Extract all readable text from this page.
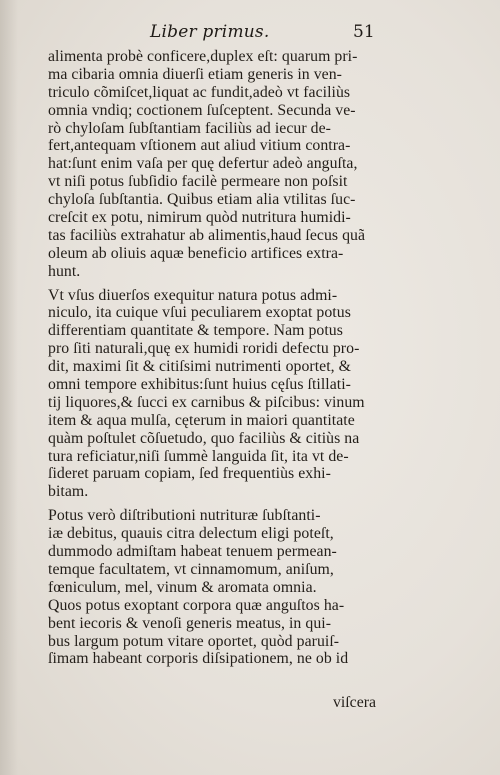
Liber primus.	51
alimenta probè conficere,duplex eſt: quarum pri-
ma cibaria omnia diuerſi etiam generis in ven-
triculo cõmiſcet,liquat ac fundit,adeò vt faciliùs
omnia vndiq; coctionem ſuſceptent. Secunda ve-
rò chyloſam ſubſtantiam faciliùs ad iecur de-
fert,antequam vſtionem aut aliud vitium contra-
hat:ſunt enim vaſa per quę defertur adeò anguſta,
vt niſi potus ſubſidio facilè permeare non poſsit
chyloſa ſubſtantia. Quibus etiam alia vtilitas ſuc-
creſcit ex potu, nimirum quòd nutritura humidi-
tas faciliùs extrahatur ab alimentis,haud ſecus quã
oleum ab oliuis aquæ beneficio artifices extra-
hunt.
Vt vſus diuerſos exequitur natura potus admi-
niculo, ita cuique vſui peculiarem exoptat potus
differentiam quantitate & tempore. Nam potus
pro ſiti naturali,quę ex humidi roridi defectu pro-
dit, maximi ſit & citiſsimi nutrimenti oportet, &
omni tempore exhibitus:ſunt huius cęſus ſtillati-
tij liquores,& ſucci ex carnibus & piſcibus: vinum
item & aqua mulſa, cęterum in maiori quantitate
quàm poſtulet cõſuetudo, quo faciliùs & citiùs na
tura reficiatur,niſi ſummè languida ſit, ita vt de-
ſideret paruam copiam, ſed frequentiùs exhi-
bitam.
Potus verò diſtributioni nutrituræ ſubſtanti-
iæ debitus, quauis citra delectum eligi poteſt,
dummodo admiſtam habeat tenuem permean-
temque facultatem, vt cinnamomum, aniſum,
fœniculum, mel, vinum & aromata omnia.
Quos potus exoptant corpora quæ anguſtos ha-
bent iecoris & venoſi generis meatus, in qui-
bus largum potum vitare oportet, quòd paruiſ-
ſimam habeant corporis diſsipationem, ne ob id
viſcera
